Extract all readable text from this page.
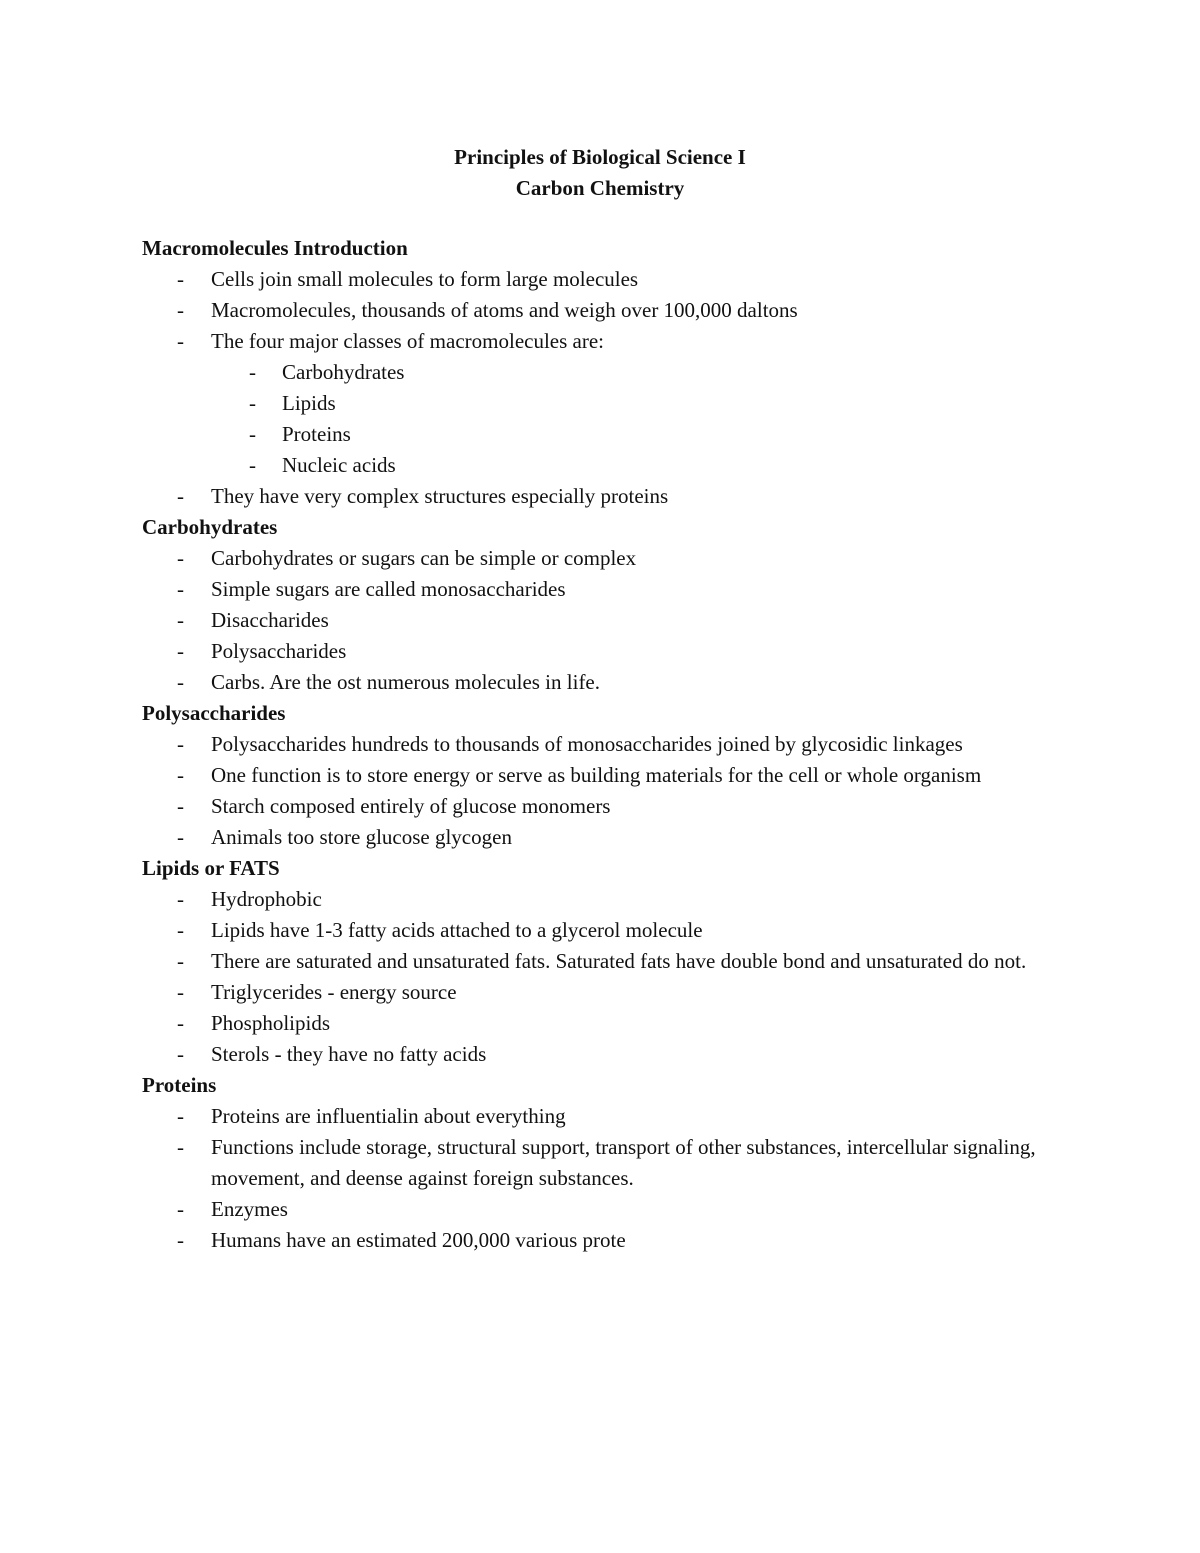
Principles of Biological Science I
Carbon Chemistry
Macromolecules Introduction
- Cells join small molecules to form large molecules
- Macromolecules, thousands of atoms and weigh over 100,000 daltons
- The four major classes of macromolecules are:
- Carbohydrates
- Lipids
- Proteins
- Nucleic acids
- They have very complex structures especially proteins
Carbohydrates
- Carbohydrates or sugars can be simple or complex
- Simple sugars are called monosaccharides
- Disaccharides
- Polysaccharides
- Carbs. Are the ost numerous molecules in life.
Polysaccharides
- Polysaccharides hundreds to thousands of monosaccharides joined by glycosidic linkages
- One function is to store energy or serve as building materials for the cell or whole organism
- Starch composed entirely of glucose monomers
- Animals too store glucose glycogen
Lipids or FATS
- Hydrophobic
- Lipids have 1-3 fatty acids attached to a glycerol molecule
- There are saturated and unsaturated fats. Saturated fats have double bond and unsaturated do not.
- Triglycerides - energy source
- Phospholipids
- Sterols - they have no fatty acids
Proteins
- Proteins are influentialin about everything
- Functions include storage, structural support, transport of other substances, intercellular signaling, movement, and deense against foreign substances.
- Enzymes
- Humans have an estimated 200,000 various prote
